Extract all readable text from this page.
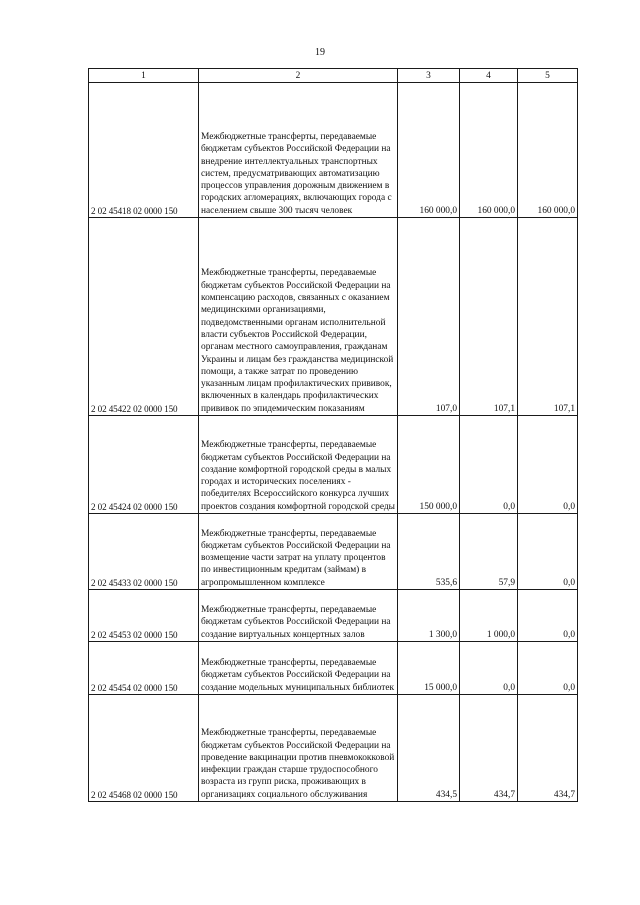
19
1	2	3	4	5
2 02 45418 02 0000 150	Межбюджетные трансферты, передаваемые бюджетам субъектов Российской Федерации на внедрение интеллектуальных транспортных систем, предусматривающих автоматизацию процессов управления дорожным движением в городских агломерациях, включающих города с населением свыше 300 тысяч человек	160 000,0	160 000,0	160 000,0
2 02 45422 02 0000 150	Межбюджетные трансферты, передаваемые бюджетам субъектов Российской Федерации на компенсацию расходов, связанных с оказанием медицинскими организациями, подведомственными органам исполнительной власти субъектов Российской Федерации, органам местного самоуправления, гражданам Украины и лицам без гражданства медицинской помощи, а также затрат по проведению указанным лицам профилактических прививок, включенных в календарь профилактических прививок по эпидемическим показаниям	107,0	107,1	107,1
2 02 45424 02 0000 150	Межбюджетные трансферты, передаваемые бюджетам субъектов Российской Федерации на создание комфортной городской среды в малых городах и исторических поселениях - победителях Всероссийского конкурса лучших проектов создания комфортной городской среды	150 000,0	0,0	0,0
2 02 45433 02 0000 150	Межбюджетные трансферты, передаваемые бюджетам субъектов Российской Федерации на возмещение части затрат на уплату процентов по инвестиционным кредитам (займам) в агропромышленном комплексе	535,6	57,9	0,0
2 02 45453 02 0000 150	Межбюджетные трансферты, передаваемые бюджетам субъектов Российской Федерации на создание виртуальных концертных залов	1 300,0	1 000,0	0,0
2 02 45454 02 0000 150	Межбюджетные трансферты, передаваемые бюджетам субъектов Российской Федерации на создание модельных муниципальных библиотек	15 000,0	0,0	0,0
2 02 45468 02 0000 150	Межбюджетные трансферты, передаваемые бюджетам субъектов Российской Федерации на проведение вакцинации против пневмококковой инфекции граждан старше трудоспособного возраста из групп риска, проживающих в организациях социального обслуживания	434,5	434,7	434,7
